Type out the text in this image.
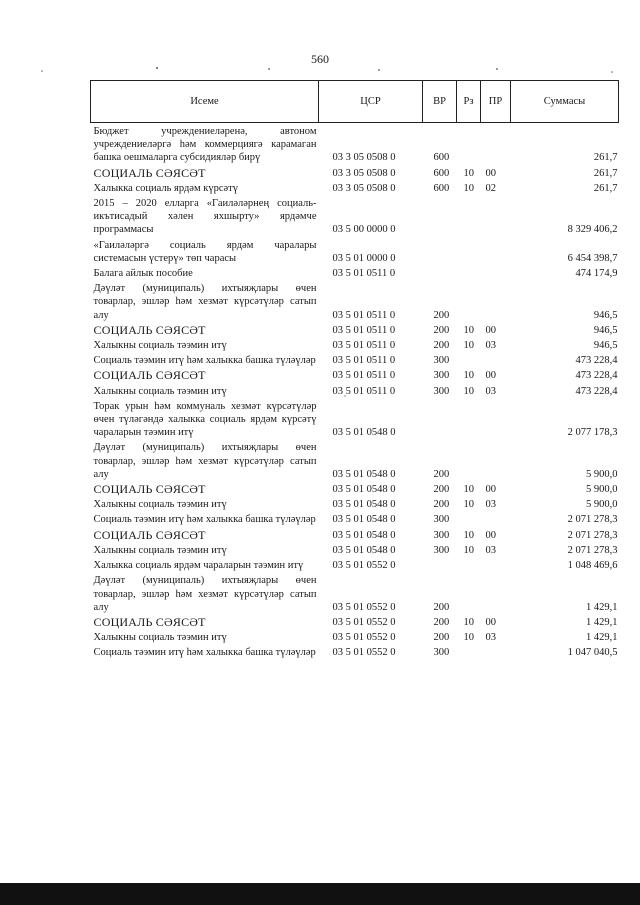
560
Исеме	ЦСР	ВР	Рз	ПР	Суммасы
Бюджет учреждениеләренә, автоном учреждениеләргә һәм коммерциягә карамаган башка оешмаларга субсидияләр бирү	03 3 05 0508 0	600			261,7
СОЦИАЛЬ СӘЯСӘТ	03 3 05 0508 0	600	10	00	261,7
Халыкка социаль ярдәм күрсәтү	03 3 05 0508 0	600	10	02	261,7
2015 – 2020 елларга «Гаиләләрнең социаль-икътисадый хәлен яхшырту» ярдәмче программасы	03 5 00 0000 0				8 329 406,2
«Гаиләләргә социаль ярдәм чаралары системасын үстерү» төп чарасы	03 5 01 0000 0				6 454 398,7
Балага айлык пособие	03 5 01 0511 0				474 174,9
Дәүләт (муниципаль) ихтыяҗлары өчен товарлар, эшләр һәм хезмәт күрсәтүләр сатып алу	03 5 01 0511 0	200			946,5
СОЦИАЛЬ СӘЯСӘТ	03 5 01 0511 0	200	10	00	946,5
Халыкны социаль тәэмин итү	03 5 01 0511 0	200	10	03	946,5
Социаль тәэмин итү һәм халыкка башка түләүләр	03 5 01 0511 0	300			473 228,4
СОЦИАЛЬ СӘЯСӘТ	03 5 01 0511 0	300	10	00	473 228,4
Халыкны социаль тәэмин итү	03 5 01 0511 0	300	10	03	473 228,4
Торак урын һәм коммуналь хезмәт күрсәтүләр өчен түләгәндә халыкка социаль ярдәм күрсәтү чараларын тәэмин итү	03 5 01 0548 0				2 077 178,3
Дәүләт (муниципаль) ихтыяҗлары өчен товарлар, эшләр һәм хезмәт күрсәтүләр сатып алу	03 5 01 0548 0	200			5 900,0
СОЦИАЛЬ СӘЯСӘТ	03 5 01 0548 0	200	10	00	5 900,0
Халыкны социаль тәэмин итү	03 5 01 0548 0	200	10	03	5 900,0
Социаль тәэмин итү һәм халыкка башка түләүләр	03 5 01 0548 0	300			2 071 278,3
СОЦИАЛЬ СӘЯСӘТ	03 5 01 0548 0	300	10	00	2 071 278,3
Халыкны социаль тәэмин итү	03 5 01 0548 0	300	10	03	2 071 278,3
Халыкка социаль ярдәм чараларын тәэмин итү	03 5 01 0552 0				1 048 469,6
Дәүләт (муниципаль) ихтыяҗлары өчен товарлар, эшләр һәм хезмәт күрсәтүләр сатып алу	03 5 01 0552 0	200			1 429,1
СОЦИАЛЬ СӘЯСӘТ	03 5 01 0552 0	200	10	00	1 429,1
Халыкны социаль тәэмин итү	03 5 01 0552 0	200	10	03	1 429,1
Социаль тәэмин итү һәм халыкка башка түләүләр	03 5 01 0552 0	300			1 047 040,5
